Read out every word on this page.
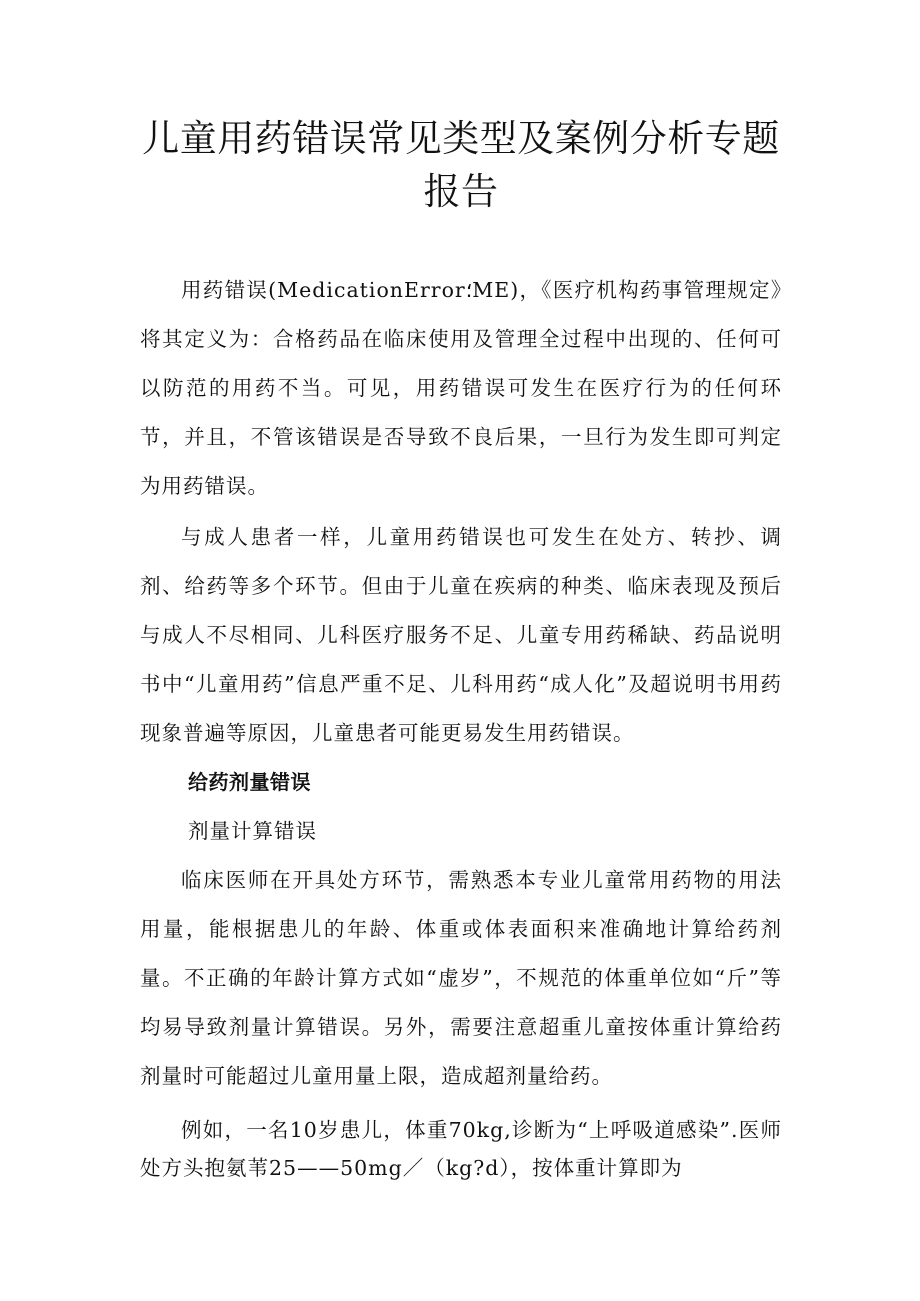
儿童用药错误常见类型及案例分析专题
报告

用药错误(MedicationError؛ME)，《医疗机构药事管理规定》将其定义为：合格药品在临床使用及管理全过程中出现的、任何可以防范的用药不当。可见，用药错误可发生在医疗行为的任何环节，并且，不管该错误是否导致不良后果，一旦行为发生即可判定为用药错误。

与成人患者一样，儿童用药错误也可发生在处方、转抄、调剂、给药等多个环节。但由于儿童在疾病的种类、临床表现及预后与成人不尽相同、儿科医疗服务不足、儿童专用药稀缺、药品说明书中“儿童用药”信息严重不足、儿科用药“成人化”及超说明书用药现象普遍等原因，儿童患者可能更易发生用药错误。

给药剂量错误

剂量计算错误

临床医师在开具处方环节，需熟悉本专业儿童常用药物的用法用量，能根据患儿的年龄、体重或体表面积来准确地计算给药剂量。不正确的年龄计算方式如“虚岁”，不规范的体重单位如“斤”等均易导致剂量计算错误。另外，需要注意超重儿童按体重计算给药剂量时可能超过儿童用量上限，造成超剂量给药。

例如，一名10岁患儿，体重70kg,诊断为“上呼吸道感染”.医师处方头抱氨苇25——50mg／（kg?d），按体重计算即为
